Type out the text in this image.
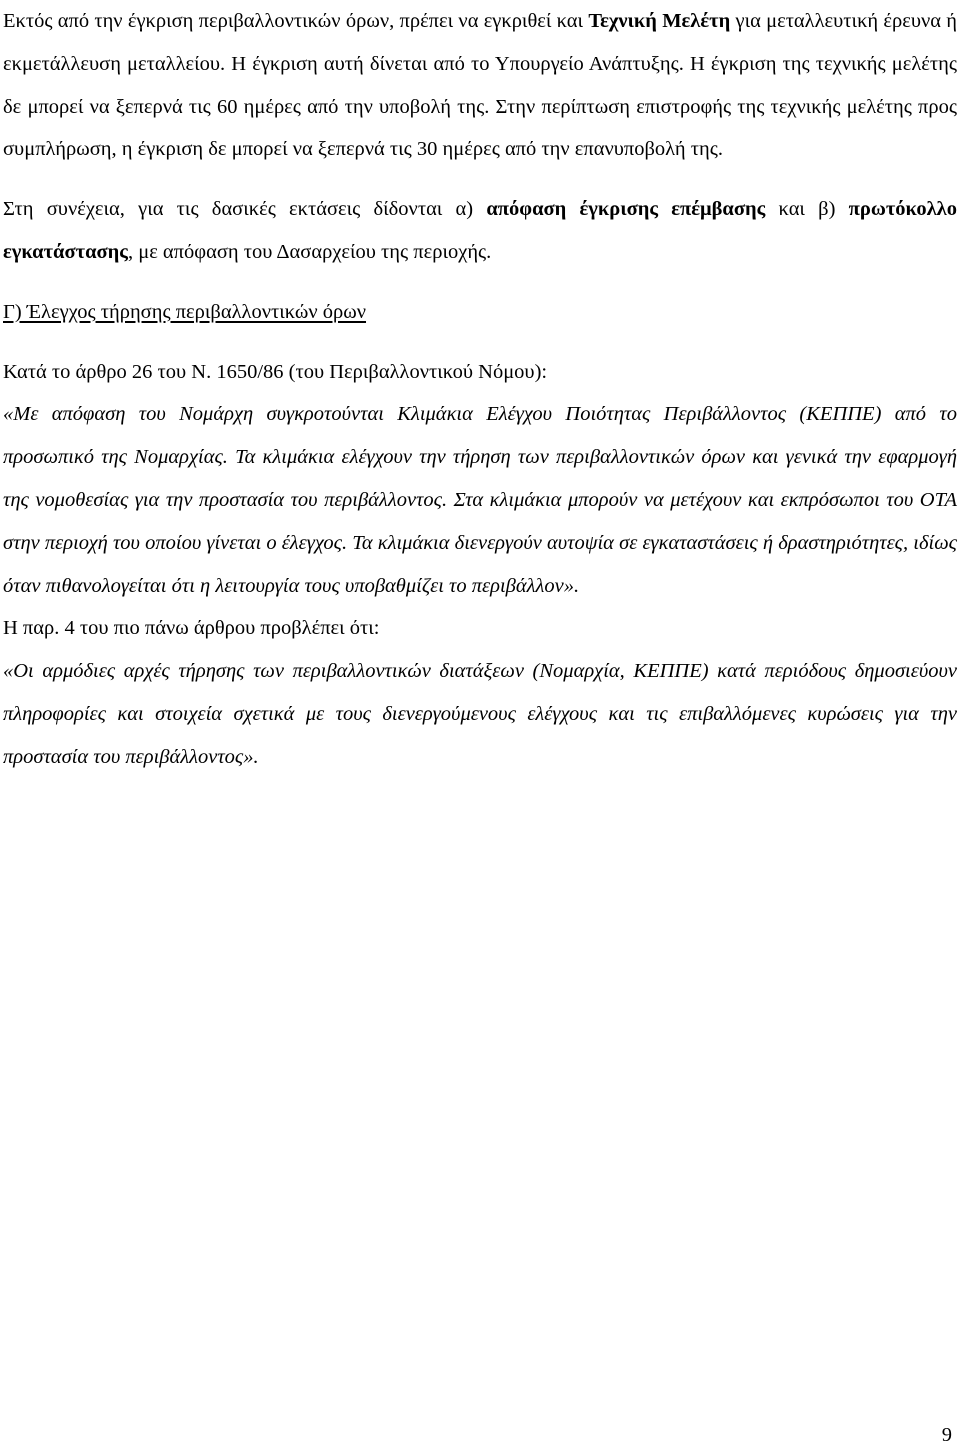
Εκτός από την έγκριση περιβαλλοντικών όρων, πρέπει να εγκριθεί και Τεχνική Μελέτη για μεταλλευτική έρευνα ή εκμετάλλευση μεταλλείου. Η έγκριση αυτή δίνεται από το Υπουργείο Ανάπτυξης. Η έγκριση της τεχνικής μελέτης δε μπορεί να ξεπερνά τις 60 ημέρες από την υποβολή της. Στην περίπτωση επιστροφής της τεχνικής μελέτης προς συμπλήρωση, η έγκριση δε μπορεί να ξεπερνά τις 30 ημέρες από την επανυποβολή της.

Στη συνέχεια, για τις δασικές εκτάσεις δίδονται α) απόφαση έγκρισης επέμβασης και β) πρωτόκολλο εγκατάστασης, με απόφαση του Δασαρχείου της περιοχής.

Γ) Έλεγχος τήρησης περιβαλλοντικών όρων

Κατά το άρθρο 26 του Ν. 1650/86 (του Περιβαλλοντικού Νόμου):

«Με απόφαση του Νομάρχη συγκροτούνται Κλιμάκια Ελέγχου Ποιότητας Περιβάλλοντος (ΚΕΠΠΕ) από το προσωπικό της Νομαρχίας. Τα κλιμάκια ελέγχουν την τήρηση των περιβαλλοντικών όρων και γενικά την εφαρμογή της νομοθεσίας για την προστασία του περιβάλλοντος. Στα κλιμάκια μπορούν να μετέχουν και εκπρόσωποι του ΟΤΑ στην περιοχή του οποίου γίνεται ο έλεγχος. Τα κλιμάκια διενεργούν αυτοψία σε εγκαταστάσεις ή δραστηριότητες, ιδίως όταν πιθανολογείται ότι η λειτουργία τους υποβαθμίζει το περιβάλλον».

Η παρ. 4 του πιο πάνω άρθρου προβλέπει ότι:

«Οι αρμόδιες αρχές τήρησης των περιβαλλοντικών διατάξεων (Νομαρχία, ΚΕΠΠΕ) κατά περιόδους δημοσιεύουν πληροφορίες και στοιχεία σχετικά με τους διενεργούμενους ελέγχους και τις επιβαλλόμενες κυρώσεις για την προστασία του περιβάλλοντος».

9
